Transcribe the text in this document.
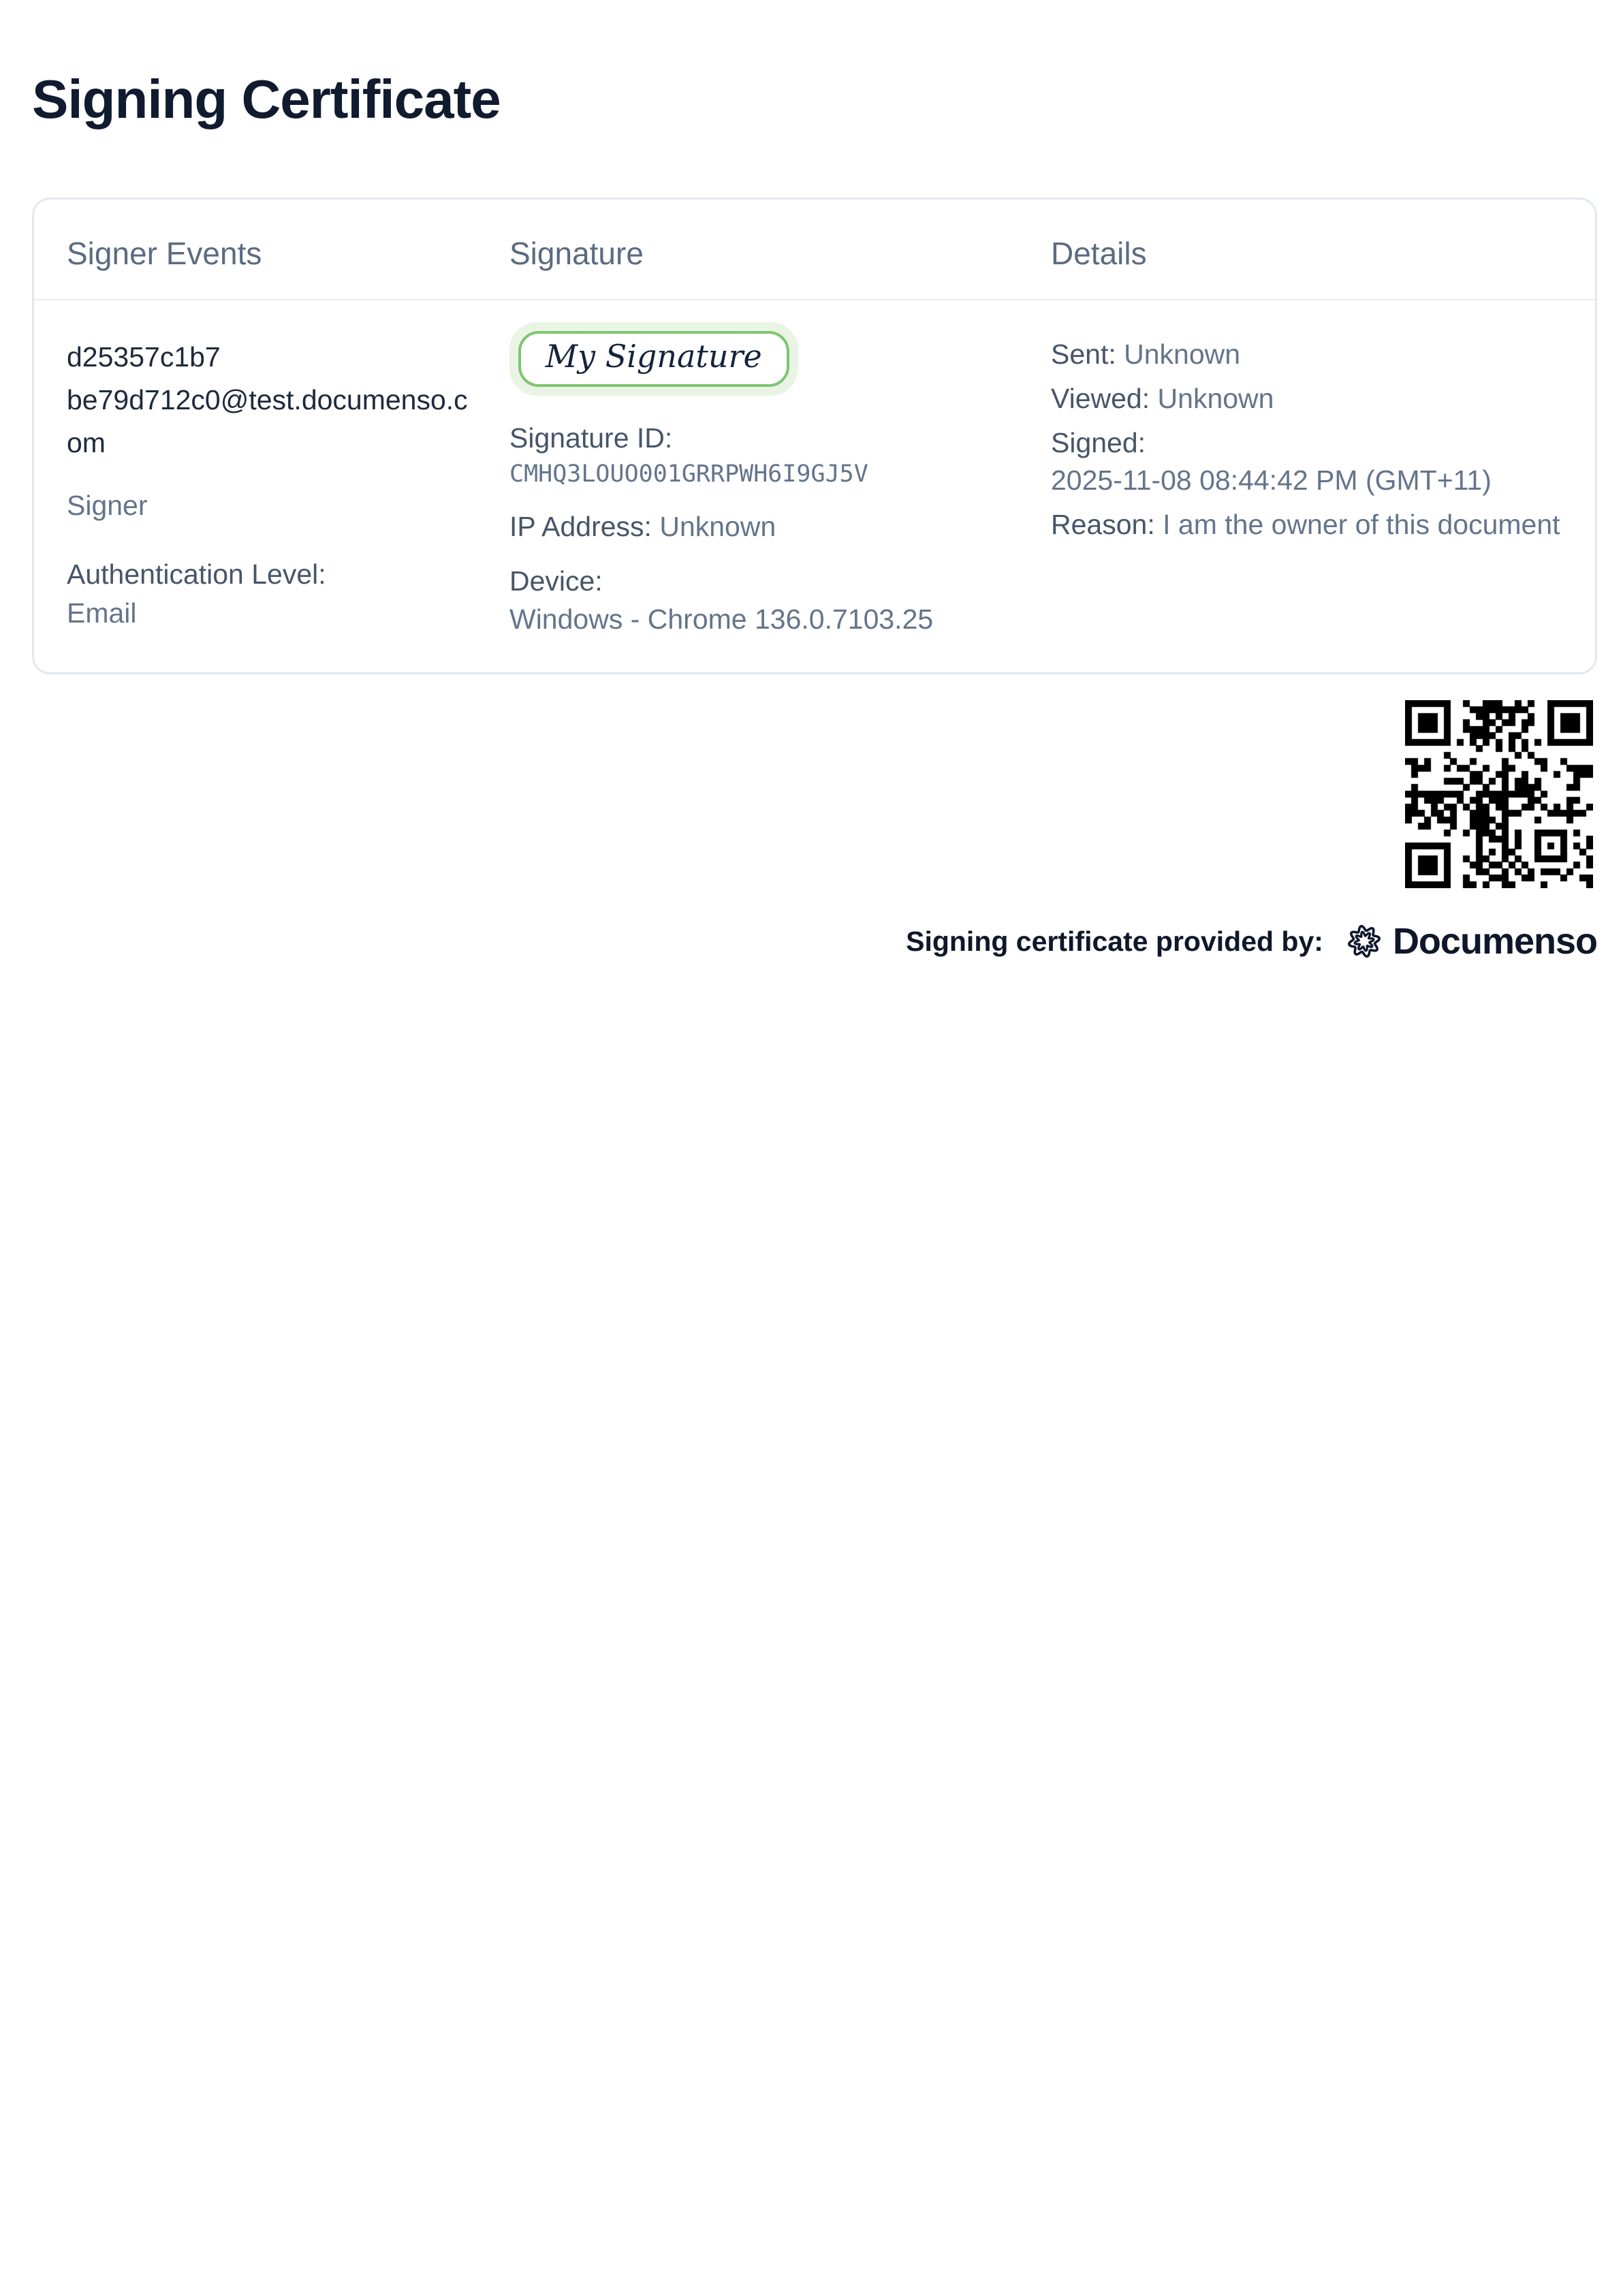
Signing Certificate
Signer Events	Signature	Details
d25357c1b7
be79d712c0@test.documenso.com
Signer
Authentication Level:
Email
My Signature
Signature ID:
CMHQ3LOUO001GRRPWH6I9GJ5V
IP Address: Unknown
Device:
Windows - Chrome 136.0.7103.25
Sent: Unknown
Viewed: Unknown
Signed:
2025-11-08 08:44:42 PM (GMT+11)
Reason: I am the owner of this document
Signing certificate provided by: Documenso
